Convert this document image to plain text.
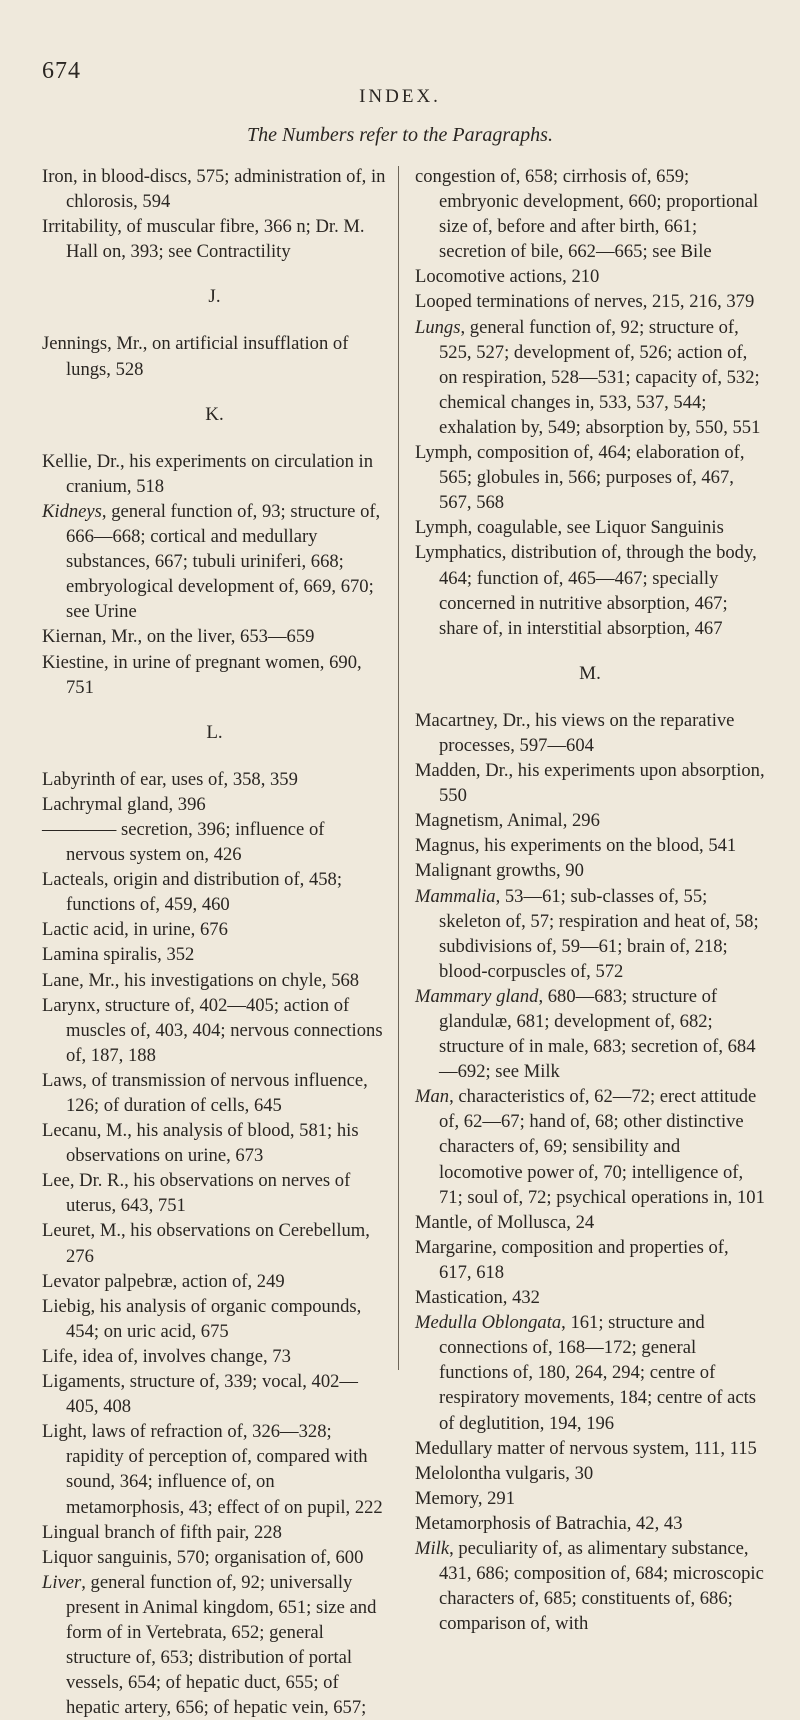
674
INDEX.
The Numbers refer to the Paragraphs.

Iron, in blood-discs, 575; administration of, in chlorosis, 594

Irritability, of muscular fibre, 366 n; Dr. M. Hall on, 393; see Contractility

J.

Jennings, Mr., on artificial insufflation of lungs, 528

K.

Kellie, Dr., his experiments on circulation in cranium, 518

Kidneys, general function of, 93; structure of, 666—668; cortical and medullary substances, 667; tubuli uriniferi, 668; embryological development of, 669, 670; see Urine

Kiernan, Mr., on the liver, 653—659

Kiestine, in urine of pregnant women, 690, 751

L.

Labyrinth of ear, uses of, 358, 359

Lachrymal gland, 396

———— secretion, 396; influence of nervous system on, 426

Lacteals, origin and distribution of, 458; functions of, 459, 460

Lactic acid, in urine, 676

Lamina spiralis, 352

Lane, Mr., his investigations on chyle, 568

Larynx, structure of, 402—405; action of muscles of, 403, 404; nervous connections of, 187, 188

Laws, of transmission of nervous influence, 126; of duration of cells, 645

Lecanu, M., his analysis of blood, 581; his observations on urine, 673

Lee, Dr. R., his observations on nerves of uterus, 643, 751

Leuret, M., his observations on Cerebellum, 276

Levator palpebræ, action of, 249

Liebig, his analysis of organic compounds, 454; on uric acid, 675

Life, idea of, involves change, 73

Ligaments, structure of, 339; vocal, 402—405, 408

Light, laws of refraction of, 326—328; rapidity of perception of, compared with sound, 364; influence of, on metamorphosis, 43; effect of on pupil, 222

Lingual branch of fifth pair, 228

Liquor sanguinis, 570; organisation of, 600

Liver, general function of, 92; universally present in Animal kingdom, 651; size and form of in Vertebrata, 652; general structure of, 653; distribution of portal vessels, 654; of hepatic duct, 655; of hepatic artery, 656; of hepatic vein, 657;

congestion of, 658; cirrhosis of, 659; embryonic development, 660; proportional size of, before and after birth, 661; secretion of bile, 662—665; see Bile

Locomotive actions, 210

Looped terminations of nerves, 215, 216, 379

Lungs, general function of, 92; structure of, 525, 527; development of, 526; action of, on respiration, 528—531; capacity of, 532; chemical changes in, 533, 537, 544; exhalation by, 549; absorption by, 550, 551

Lymph, composition of, 464; elaboration of, 565; globules in, 566; purposes of, 467, 567, 568

Lymph, coagulable, see Liquor Sanguinis

Lymphatics, distribution of, through the body, 464; function of, 465—467; specially concerned in nutritive absorption, 467; share of, in interstitial absorption, 467

M.

Macartney, Dr., his views on the reparative processes, 597—604

Madden, Dr., his experiments upon absorption, 550

Magnetism, Animal, 296

Magnus, his experiments on the blood, 541

Malignant growths, 90

Mammalia, 53—61; sub-classes of, 55; skeleton of, 57; respiration and heat of, 58; subdivisions of, 59—61; brain of, 218; blood-corpuscles of, 572

Mammary gland, 680—683; structure of glandulæ, 681; development of, 682; structure of in male, 683; secretion of, 684—692; see Milk

Man, characteristics of, 62—72; erect attitude of, 62—67; hand of, 68; other distinctive characters of, 69; sensibility and locomotive power of, 70; intelligence of, 71; soul of, 72; psychical operations in, 101

Mantle, of Mollusca, 24

Margarine, composition and properties of, 617, 618

Mastication, 432

Medulla Oblongata, 161; structure and connections of, 168—172; general functions of, 180, 264, 294; centre of respiratory movements, 184; centre of acts of deglutition, 194, 196

Medullary matter of nervous system, 111, 115

Melolontha vulgaris, 30

Memory, 291

Metamorphosis of Batrachia, 42, 43

Milk, peculiarity of, as alimentary substance, 431, 686; composition of, 684; microscopic characters of, 685; constituents of, 686; comparison of, with
